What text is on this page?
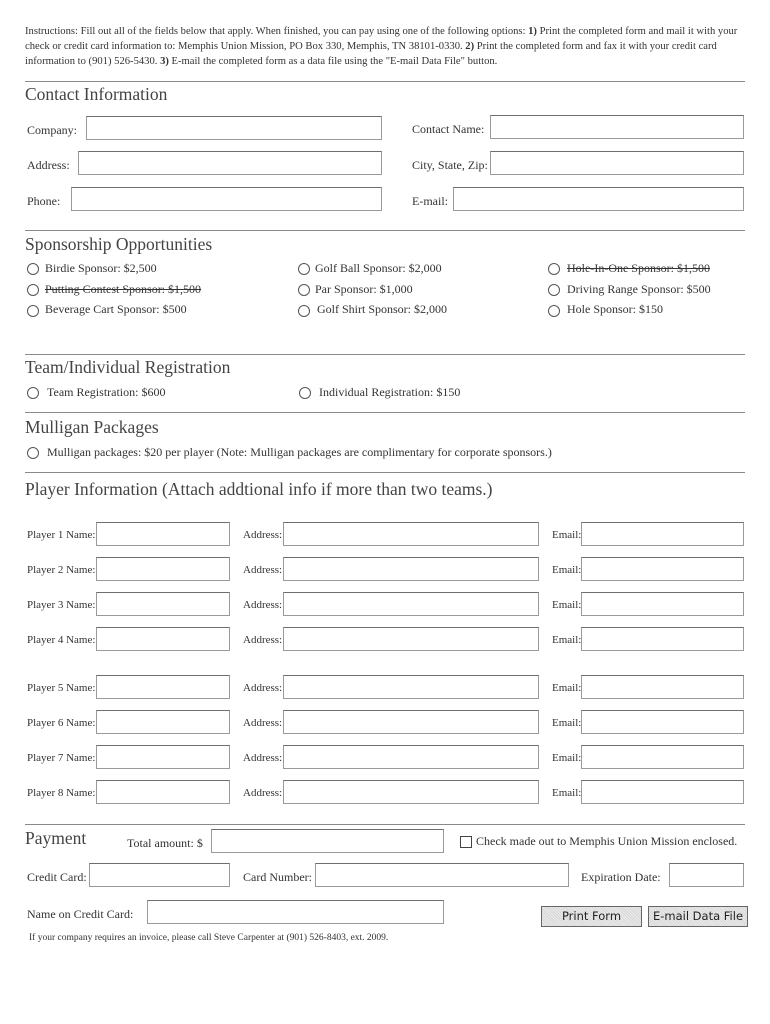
Instructions: Fill out all of the fields below that apply. When finished, you can pay using one of the following options: 1) Print the completed form and mail it with your check or credit card information to: Memphis Union Mission, PO Box 330, Memphis, TN 38101-0330. 2) Print the completed form and fax it with your credit card information to (901) 526-5430. 3) E-mail the completed form as a data file using the "E-mail Data File" button.
Contact Information
Company:	Contact Name:
Address:	City, State, Zip:
Phone:	E-mail:
Sponsorship Opportunities
Birdie Sponsor: $2,500	Golf Ball Sponsor: $2,000	Hole-In-One Sponsor: $1,500
Putting Contest Sponsor: $1,500	Par Sponsor: $1,000	Driving Range Sponsor: $500
Beverage Cart Sponsor: $500	Golf Shirt Sponsor: $2,000	Hole Sponsor: $150
Team/Individual Registration
Team Registration: $600	Individual Registration: $150
Mulligan Packages
Mulligan packages: $20 per player (Note: Mulligan packages are complimentary for corporate sponsors.)
Player Information (Attach addtional info if more than two teams.)
Player 1 Name:	Address:	Email:
Player 2 Name:	Address:	Email:
Player 3 Name:	Address:	Email:
Player 4 Name:	Address:	Email:
Player 5 Name:	Address:	Email:
Player 6 Name:	Address:	Email:
Player 7 Name:	Address:	Email:
Player 8 Name:	Address:	Email:
Payment	Total amount: $	Check made out to Memphis Union Mission enclosed.
Credit Card:	Card Number:	Expiration Date:
Name on Credit Card:	Print Form	E-mail Data File
If your company requires an invoice, please call Steve Carpenter at (901) 526-8403, ext. 2009.
